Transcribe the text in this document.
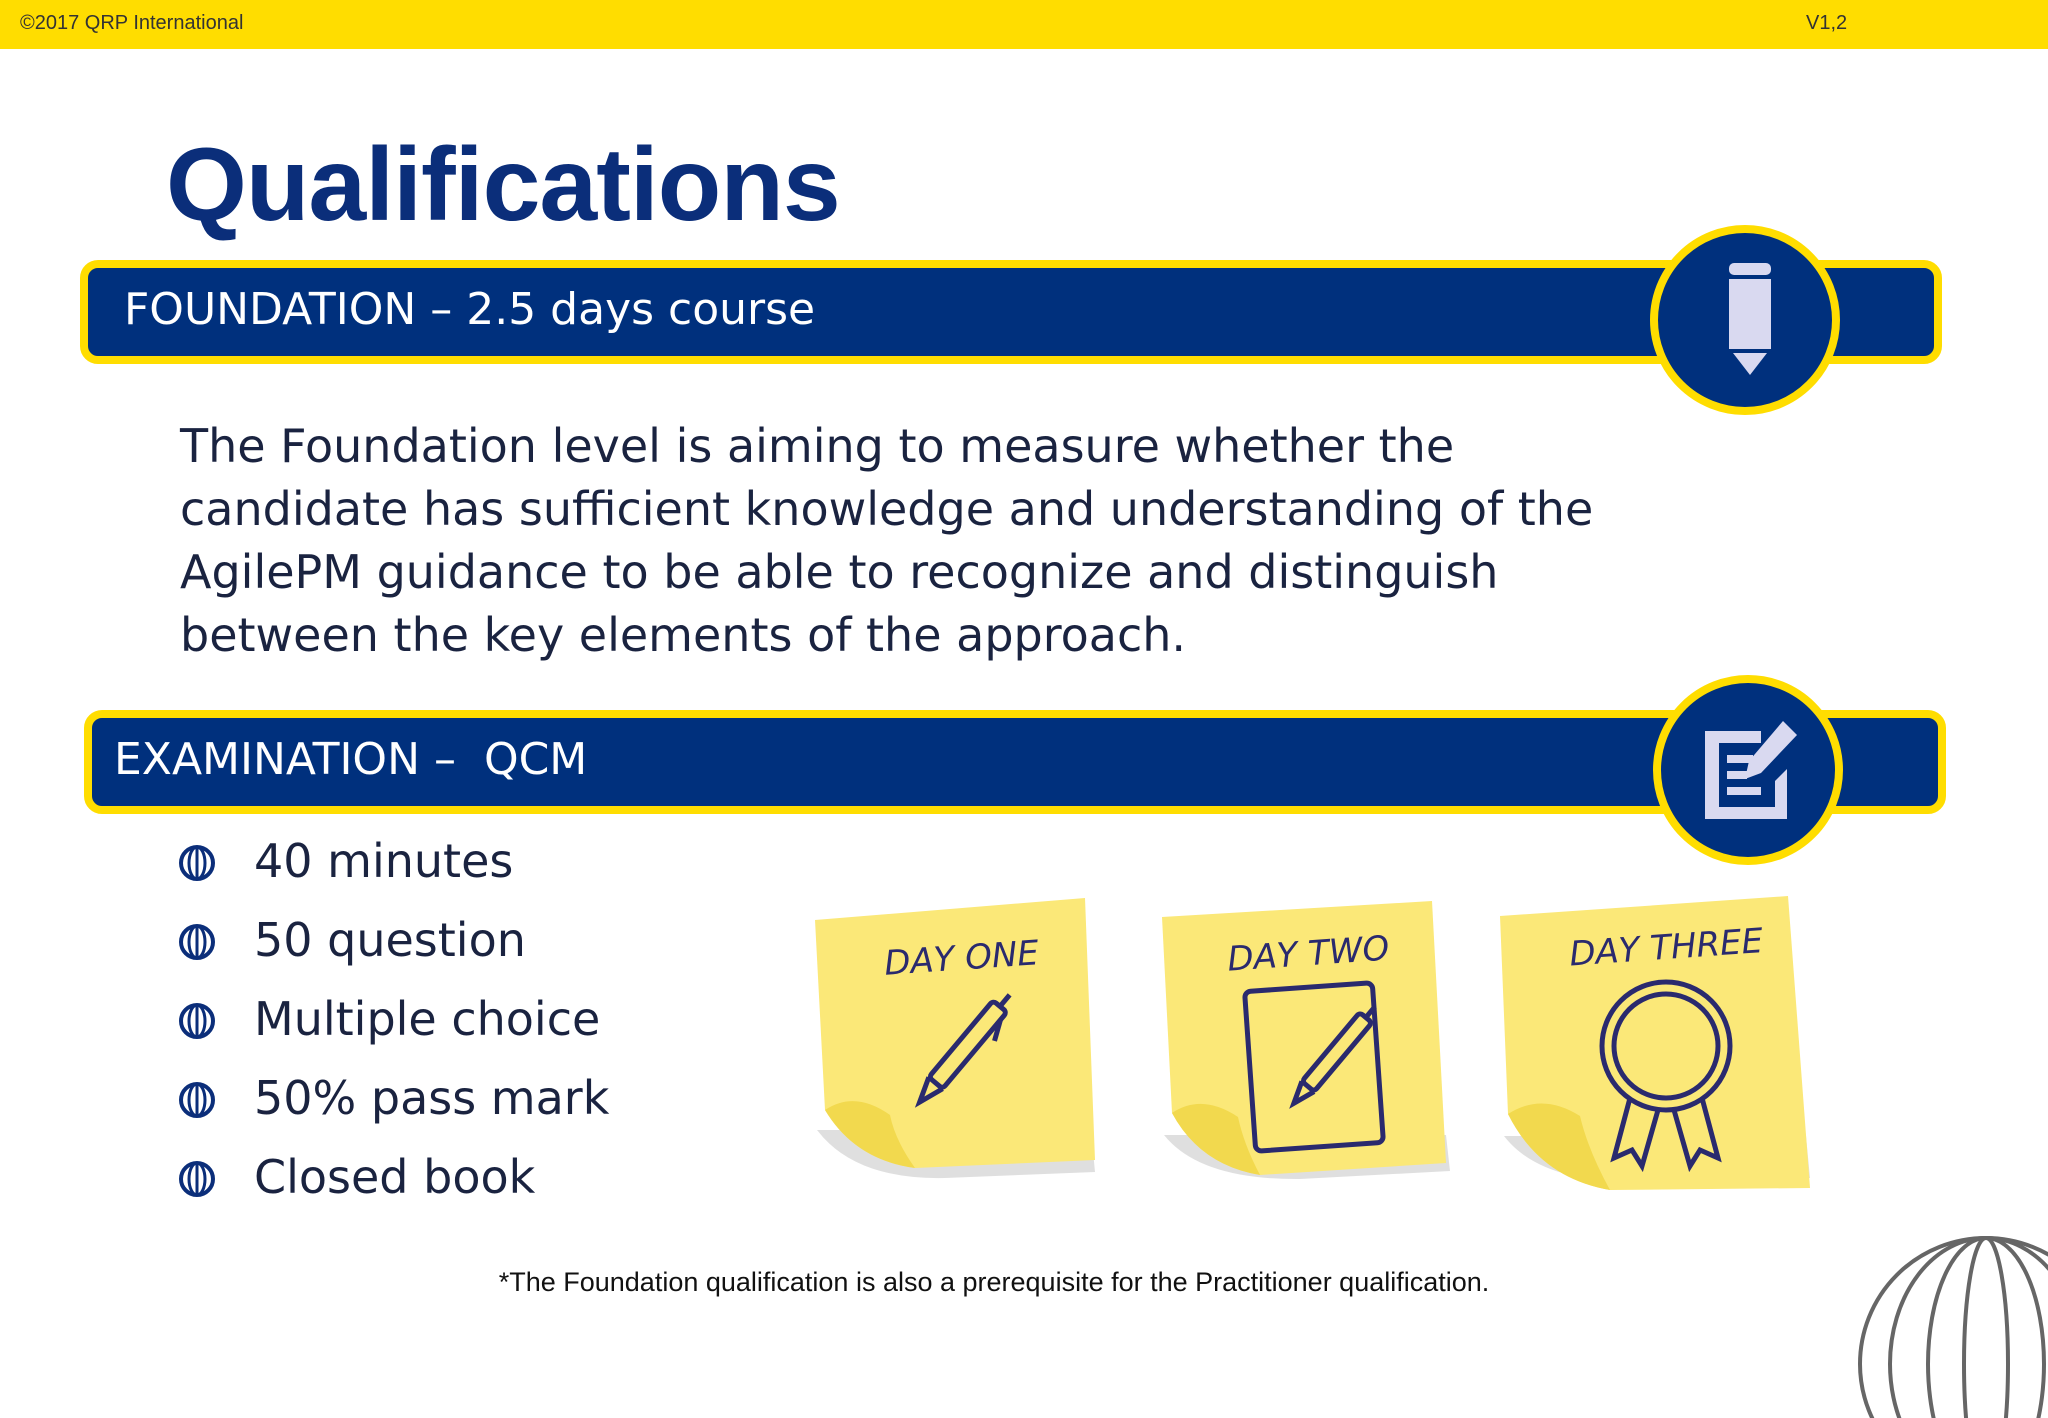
©2017 QRP International	V1,2
Qualifications
FOUNDATION – 2.5 days course
The Foundation level is aiming to measure whether the candidate has sufficient knowledge and understanding of the AgilePM guidance to be able to recognize and distinguish between the key elements of the approach.
EXAMINATION –  QCM
40 minutes
50 question
Multiple choice
50% pass mark
Closed book
DAY ONE	DAY TWO	DAY THREE
*The Foundation qualification is also a prerequisite for the Practitioner qualification.
